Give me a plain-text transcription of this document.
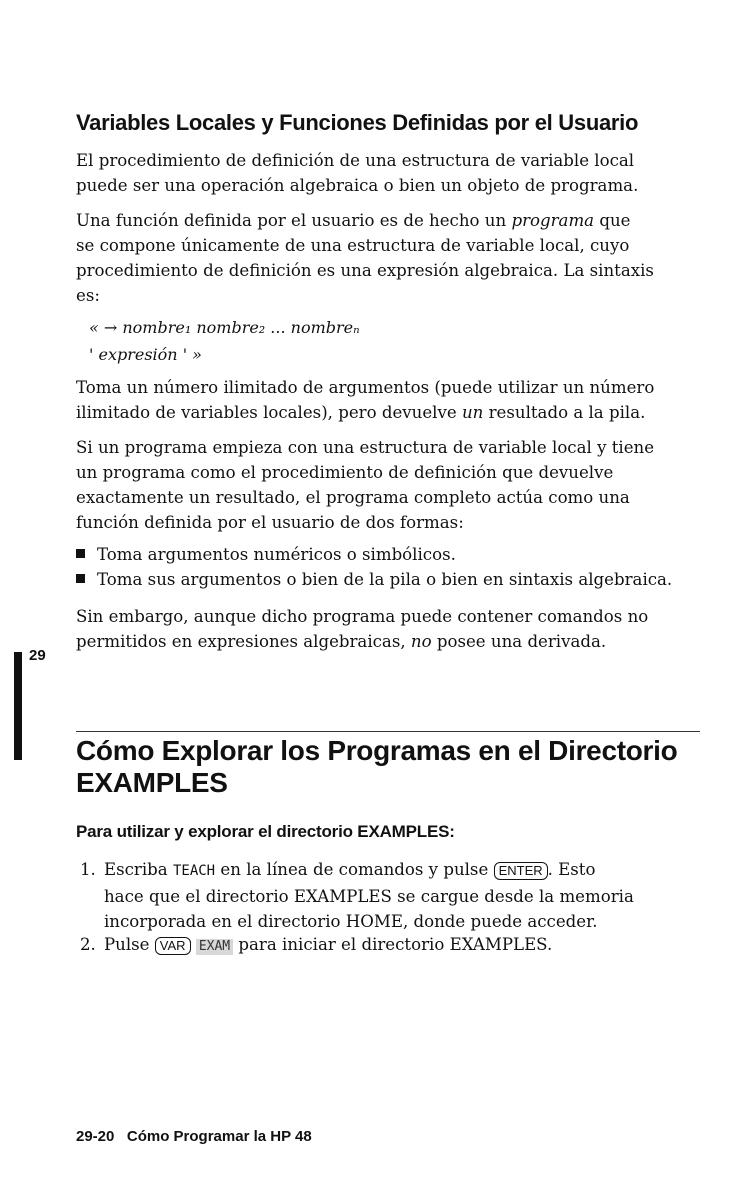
Variables Locales y Funciones Definidas por el Usuario
El procedimiento de definición de una estructura de variable local
puede ser una operación algebraica o bien un objeto de programa.
Una función definida por el usuario es de hecho un programa que
se compone únicamente de una estructura de variable local, cuyo
procedimiento de definición es una expresión algebraica. La sintaxis
es:
« → nombre₁ nombre₂ ... nombreₙ
' expresión ' »
Toma un número ilimitado de argumentos (puede utilizar un número
ilimitado de variables locales), pero devuelve un resultado a la pila.
Si un programa empieza con una estructura de variable local y tiene
un programa como el procedimiento de definición que devuelve
exactamente un resultado, el programa completo actúa como una
función definida por el usuario de dos formas:
Toma argumentos numéricos o simbólicos.
Toma sus argumentos o bien de la pila o bien en sintaxis algebraica.
Sin embargo, aunque dicho programa puede contener comandos no
permitidos en expresiones algebraicas, no posee una derivada.
29
Cómo Explorar los Programas en el Directorio
EXAMPLES
Para utilizar y explorar el directorio EXAMPLES:
1. Escriba TEACH en la línea de comandos y pulse ENTER . Esto
hace que el directorio EXAMPLES se cargue desde la memoria
incorporada en el directorio HOME, donde puede acceder.
2. Pulse VAR EXAM para iniciar el directorio EXAMPLES.
29-20 Cómo Programar la HP 48
